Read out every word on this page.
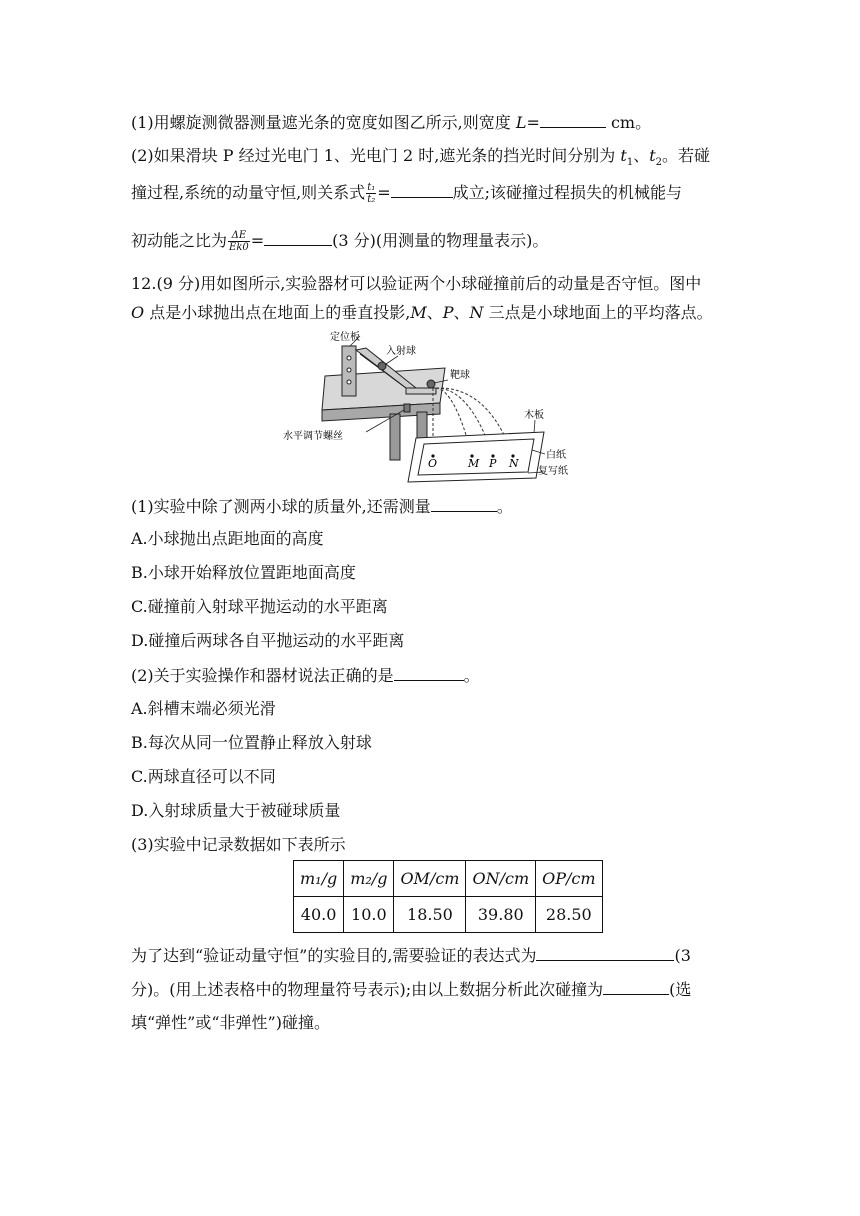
(1)用螺旋测微器测量遮光条的宽度如图乙所示,则宽度 L=	cm。
(2)如果滑块 P 经过光电门 1、光电门 2 时,遮光条的挡光时间分别为 $t_1$、$t_2$。若碰
撞过程,系统的动量守恒,则关系式 $\frac{\text{t₁}}{\text{t₂}}$ =	成立;该碰撞过程损失的机械能与
初动能之比为 $\frac{\Delta E}{Ek0}$ =	(3 分)(用测量的物理量表示)。
12.(9 分)用如图所示,实验器材可以验证两个小球碰撞前后的动量是否守恒。图中
O 点是小球抛出点在地面上的垂直投影,M、P、N 三点是小球地面上的平均落点。
定位板
入射球
靶球
水平调节螺丝
木板
白纸
复写纸
O	M P N
(1)实验中除了测两小球的质量外,还需测量	。
A.小球抛出点距地面的高度
B.小球开始释放位置距地面高度
C.碰撞前入射球平抛运动的水平距离
D.碰撞后两球各自平抛运动的水平距离
(2)关于实验操作和器材说法正确的是	。
A.斜槽末端必须光滑
B.每次从同一位置静止释放入射球
C.两球直径可以不同
D.入射球质量大于被碰球质量
(3)实验中记录数据如下表所示
m₁/g	m₂/g	OM/cm	ON/cm	OP/cm
40.0	10.0	18.50	39.80	28.50
为了达到“验证动量守恒”的实验目的,需要验证的表达式为	(3
分)。(用上述表格中的物理量符号表示);由以上数据分析此次碰撞为	(选
填“弹性”或“非弹性”)碰撞。
